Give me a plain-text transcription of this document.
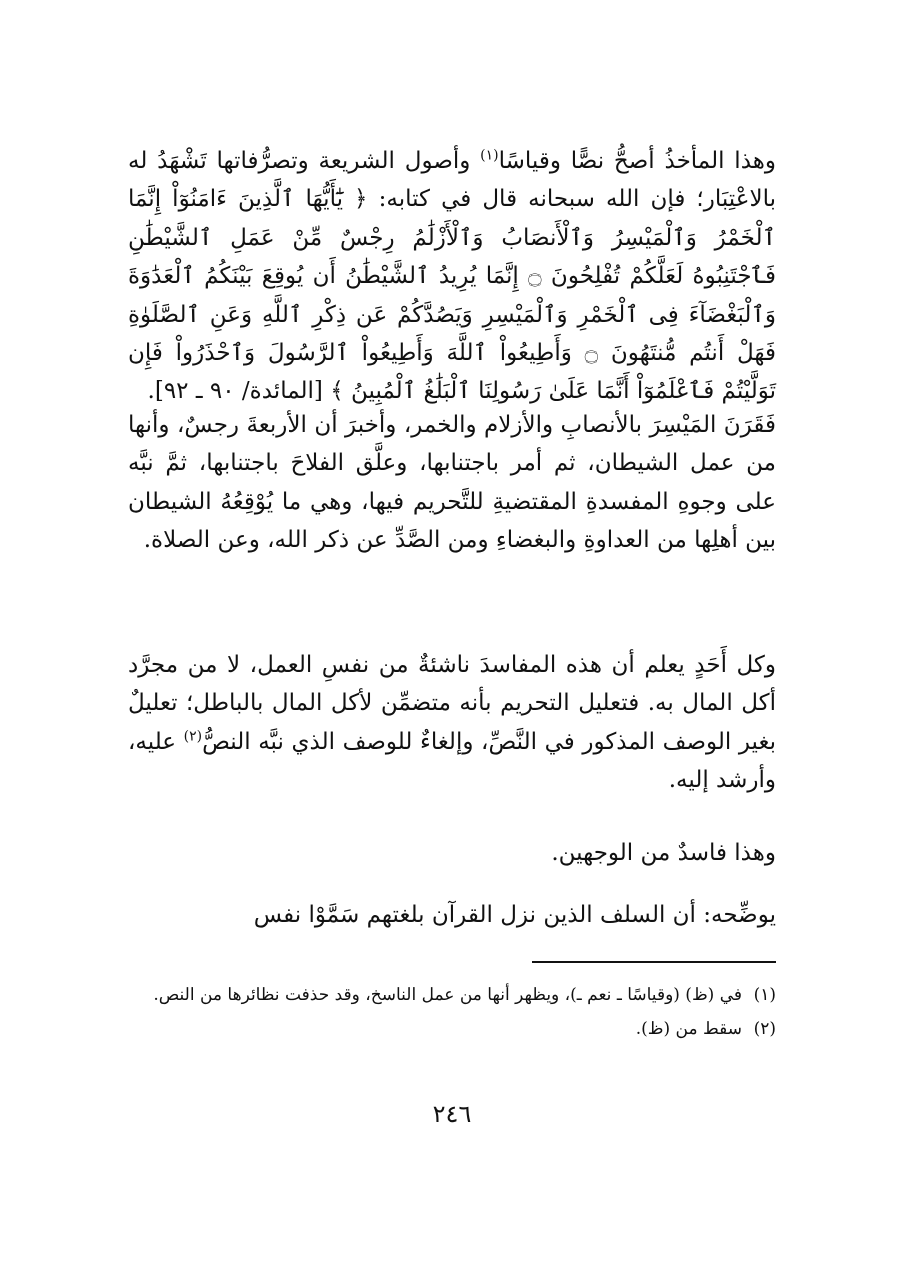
وهذا المأخذُ أصحُّ نصًّا وقياسًا$^{(١)}$ وأصول الشريعة وتصرُّفاتها تَشْهَدُ له بالاعْتِبَار؛ فإن الله سبحانه قال في كتابه: ﴿ يَٰٓأَيُّهَا ٱلَّذِينَ ءَامَنُوٓاْ إِنَّمَا ٱلْخَمْرُ وَٱلْمَيْسِرُ وَٱلْأَنصَابُ وَٱلْأَزْلَٰمُ رِجْسٌ مِّنْ عَمَلِ ٱلشَّيْطَٰنِ فَٱجْتَنِبُوهُ لَعَلَّكُمْ تُفْلِحُونَ ۝ إِنَّمَا يُرِيدُ ٱلشَّيْطَٰنُ أَن يُوقِعَ بَيْنَكُمُ ٱلْعَدَٰوَةَ وَٱلْبَغْضَآءَ فِى ٱلْخَمْرِ وَٱلْمَيْسِرِ وَيَصُدَّكُمْ عَن ذِكْرِ ٱللَّهِ وَعَنِ ٱلصَّلَوٰةِ فَهَلْ أَنتُم مُّنتَهُونَ ۝ وَأَطِيعُواْ ٱللَّهَ وَأَطِيعُواْ ٱلرَّسُولَ وَٱحْذَرُواْ فَإِن تَوَلَّيْتُمْ فَٱعْلَمُوٓاْ أَنَّمَا عَلَىٰ رَسُولِنَا ٱلْبَلَٰغُ ٱلْمُبِينُ ﴾ [المائدة/ ٩٠ ـ ٩٢].

فَقَرَنَ المَيْسِرَ بالأنصابِ والأزلام والخمر، وأخبرَ أن الأربعةَ رجسٌ، وأنها من عمل الشيطان، ثم أمر باجتنابها، وعلَّق الفلاحَ باجتنابها، ثمَّ نبَّه على وجوهِ المفسدةِ المقتضيةِ للتَّحريم فيها، وهي ما يُوْقِعُهُ الشيطان بين أهلِها من العداوةِ والبغضاءِ ومن الصَّدِّ عن ذكر الله، وعن الصلاة.

وكل أَحَدٍ يعلم أن هذه المفاسدَ ناشئةٌ من نفسِ العمل، لا من مجرَّد أكل المال به. فتعليل التحريم بأنه متضمِّن لأكل المال بالباطل؛ تعليلٌ بغير الوصف المذكور في النَّصِّ، وإلغاءٌ للوصف الذي نبَّه النصُّ$^{(٢)}$ عليه، وأرشد إليه.

وهذا فاسدٌ من الوجهين.

يوضِّحه: أن السلف الذين نزل القرآن بلغتهم سَمَّوْا نفس

(١)
في (ظ) (وقياسًا ـ نعم ـ)، ويظهر أنها من عمل الناسخ، وقد حذفت نظائرها من النص.
(٢)
سقط من (ظ).
٢٤٦
